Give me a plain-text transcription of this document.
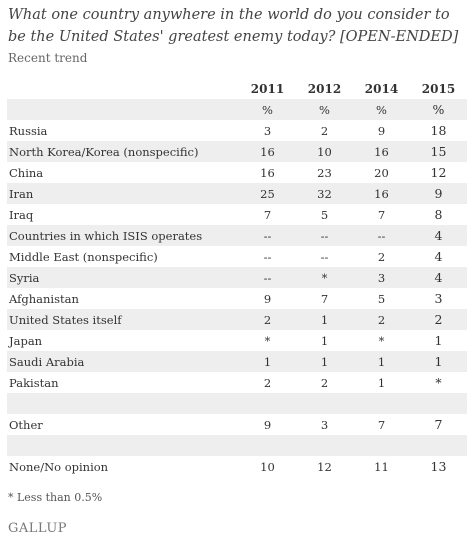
What one country anywhere in the world do you consider to be the United States' greatest enemy today? [OPEN-ENDED]
Recent trend
	2011	2012	2014	2015
	%	%	%	%
Russia	3	2	9	18
North Korea/Korea (nonspecific)	16	10	16	15
China	16	23	20	12
Iran	25	32	16	9
Iraq	7	5	7	8
Countries in which ISIS operates	--	--	--	4
Middle East (nonspecific)	--	--	2	4
Syria	--	*	3	4
Afghanistan	9	7	5	3
United States itself	2	1	2	2
Japan	*	1	*	1
Saudi Arabia	1	1	1	1
Pakistan	2	2	1	*

Other	9	3	7	7

None/No opinion	10	12	11	13
* Less than 0.5%
GALLUP
